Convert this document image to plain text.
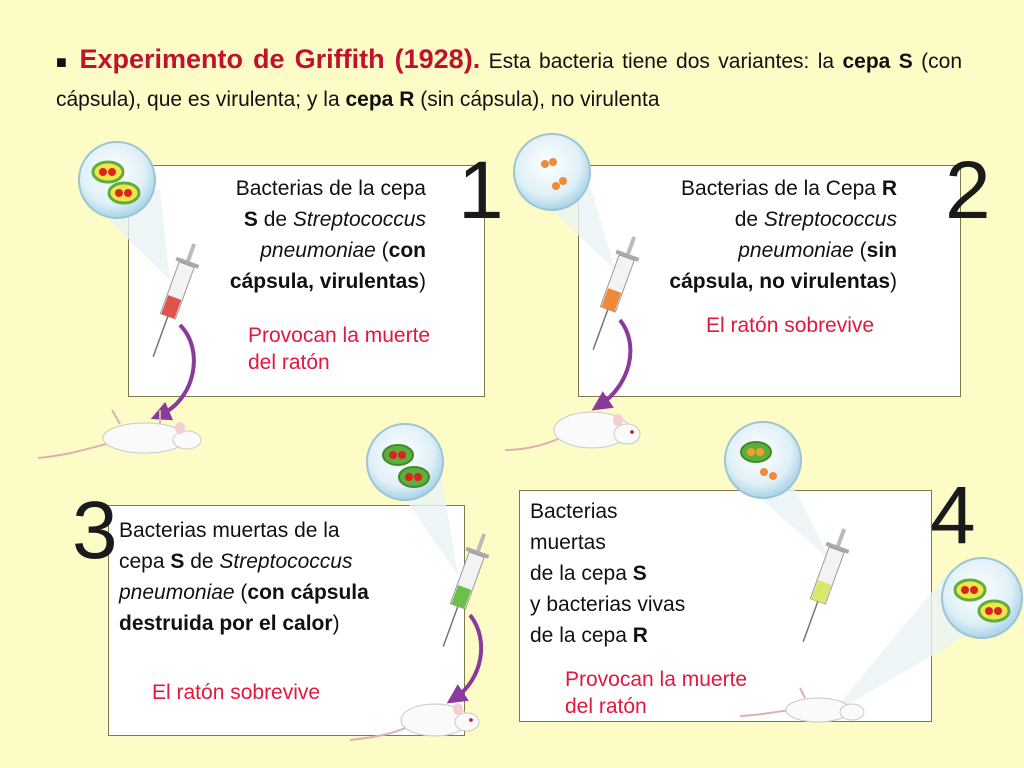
■ Experimento de Griffith (1928). Esta bacteria tiene dos variantes: la cepa S (con cápsula), que es virulenta; y la cepa R (sin cápsula), no virulenta
1	2
3	4
Bacterias de la cepa
S de Streptococcus
pneumoniae (con
cápsula, virulentas)
Provocan la muerte
del ratón
Bacterias de la Cepa R
de Streptococcus
pneumoniae (sin
cápsula, no virulentas)
El ratón sobrevive
Bacterias muertas de la
cepa S de Streptococcus
pneumoniae (con cápsula
destruida por el calor)
El ratón sobrevive
Bacterias
muertas
de la cepa S
y bacterias vivas
de la cepa R
Provocan la muerte
del ratón
